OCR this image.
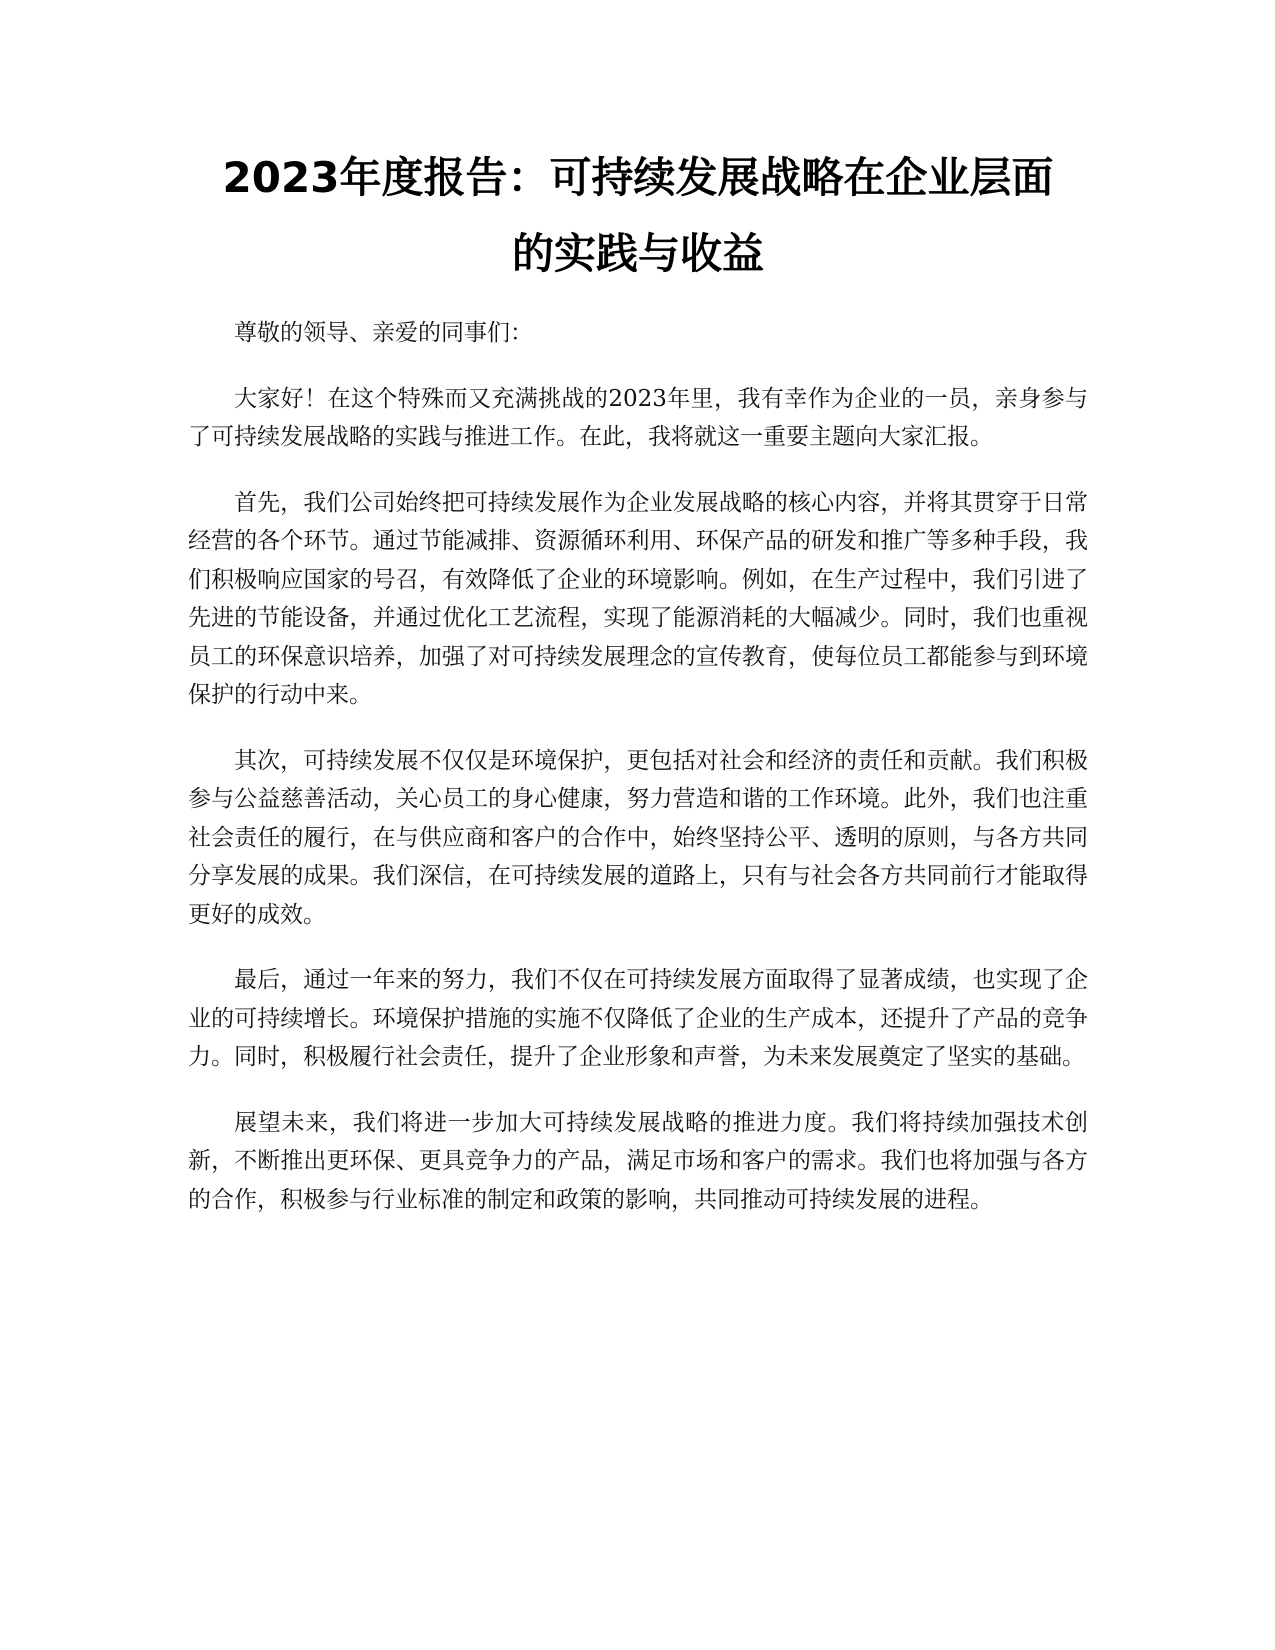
2023年度报告：可持续发展战略在企业层面
的实践与收益

尊敬的领导、亲爱的同事们：

大家好！在这个特殊而又充满挑战的2023年里，我有幸作为企业的一员，亲身参与了可持续发展战略的实践与推进工作。在此，我将就这一重要主题向大家汇报。

首先，我们公司始终把可持续发展作为企业发展战略的核心内容，并将其贯穿于日常经营的各个环节。通过节能减排、资源循环利用、环保产品的研发和推广等多种手段，我们积极响应国家的号召，有效降低了企业的环境影响。例如，在生产过程中，我们引进了先进的节能设备，并通过优化工艺流程，实现了能源消耗的大幅减少。同时，我们也重视员工的环保意识培养，加强了对可持续发展理念的宣传教育，使每位员工都能参与到环境保护的行动中来。

其次，可持续发展不仅仅是环境保护，更包括对社会和经济的责任和贡献。我们积极参与公益慈善活动，关心员工的身心健康，努力营造和谐的工作环境。此外，我们也注重社会责任的履行，在与供应商和客户的合作中，始终坚持公平、透明的原则，与各方共同分享发展的成果。我们深信，在可持续发展的道路上，只有与社会各方共同前行才能取得更好的成效。

最后，通过一年来的努力，我们不仅在可持续发展方面取得了显著成绩，也实现了企业的可持续增长。环境保护措施的实施不仅降低了企业的生产成本，还提升了产品的竞争力。同时，积极履行社会责任，提升了企业形象和声誉，为未来发展奠定了坚实的基础。

展望未来，我们将进一步加大可持续发展战略的推进力度。我们将持续加强技术创新，不断推出更环保、更具竞争力的产品，满足市场和客户的需求。我们也将加强与各方的合作，积极参与行业标准的制定和政策的影响，共同推动可持续发展的进程。
